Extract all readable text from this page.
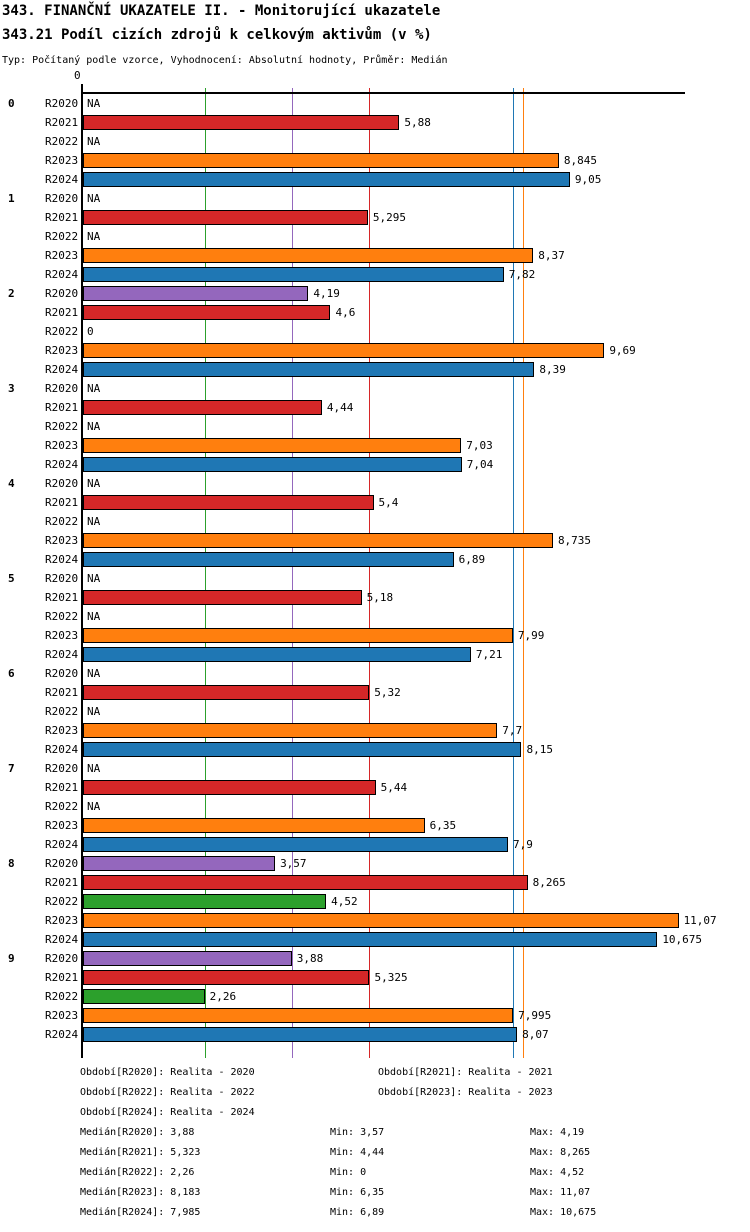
343. FINANČNÍ UKAZATELE II. - Monitorující ukazatele
343.21 Podíl cizích zdrojů k celkovým aktivům (v %)
Typ: Počítaný podle vzorce, Vyhodnocení: Absolutní hodnoty, Průměr: Medián
0
0	R2020 NA
R2021	5,88
R2022 NA
R2023	8,845
R2024	9,05
1	R2020 NA
R2021	5,295
R2022 NA
R2023	8,37
R2024	7,82
2	R2020	4,19
R2021	4,6
R2022 0
R2023	9,69
R2024	8,39
3	R2020 NA
R2021	4,44
R2022 NA
R2023	7,03
R2024	7,04
4	R2020 NA
R2021	5,4
R2022 NA
R2023	8,735
R2024	6,89
5	R2020 NA
R2021	5,18
R2022 NA
R2023	7,99
R2024	7,21
6	R2020 NA
R2021	5,32
R2022 NA
R2023	7,7
R2024	8,15
7	R2020 NA
R2021	5,44
R2022 NA
R2023	6,35
R2024	7,9
8	R2020	3,57
R2021	8,265
R2022	4,52
R2023	11,07
R2024	10,675
9	R2020	3,88
R2021	5,325
R2022	2,26
R2023	7,995
R2024	8,07
Období[R2020]: Realita - 2020	Období[R2021]: Realita - 2021
Období[R2022]: Realita - 2022	Období[R2023]: Realita - 2023
Období[R2024]: Realita - 2024
Medián[R2020]: 3,88	Min: 3,57	Max: 4,19
Medián[R2021]: 5,323	Min: 4,44	Max: 8,265
Medián[R2022]: 2,26	Min: 0	Max: 4,52
Medián[R2023]: 8,183	Min: 6,35	Max: 11,07
Medián[R2024]: 7,985	Min: 6,89	Max: 10,675
